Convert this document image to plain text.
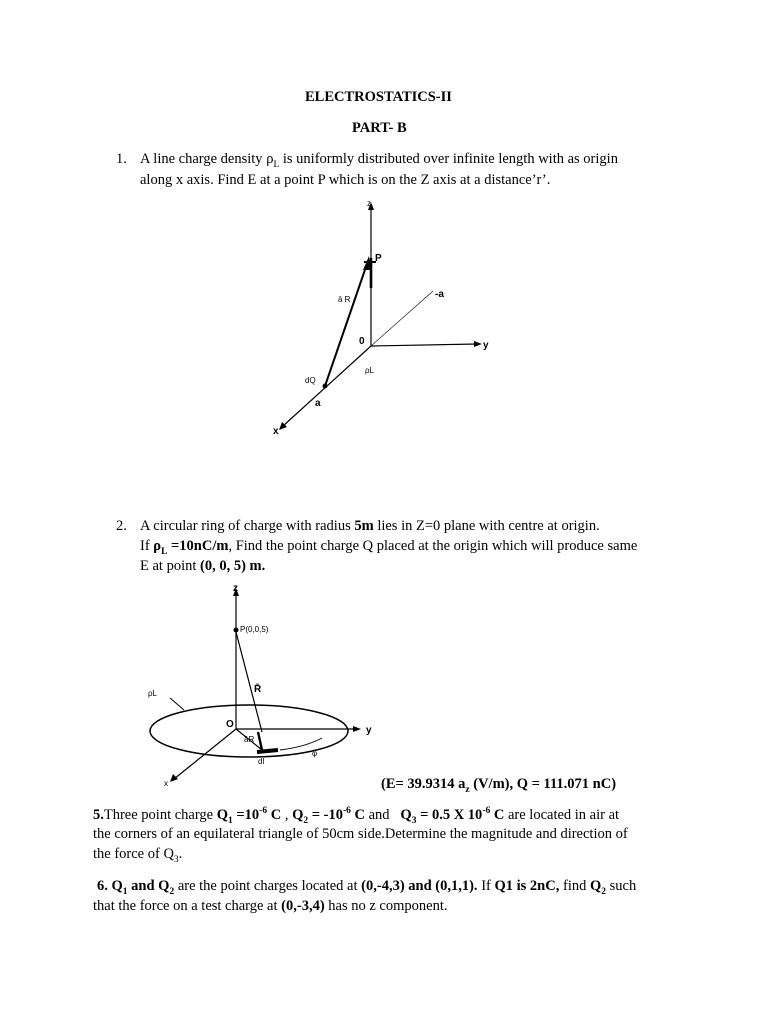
ELECTROSTATICS-II
PART- B
1. A line charge density $\rho_L$ is uniformly distributed over infinite length with as origin
along x axis. Find E at a point P which is on the Z axis at a distance’r’.
z
P
ā R	-a
0	y
ρL
dQ
a
x
2. A circular ring of charge with radius 5m lies in Z=0 plane with centre at origin.
If $\rho_L =10nC/m$, Find the point charge Q placed at the origin which will produce same
E at point (0, 0, 5) m.
z
P(0,0,5)
R̄
ρL
O
y
āR
dl
φ
x	(E= 39.9314 $a_z$ (V/m), Q = 111.071 nC)
5.Three point charge $Q_1 =10^{-6}$ C , $Q_2 = -10^{-6}$ C and   $Q_3 = 0.5$ X $10^{-6}$ C are located in air at
the corners of an equilateral triangle of 50cm side.Determine the magnitude and direction of
the force of $Q_3$.
6. $Q_1$ and $Q_2$ are the point charges located at (0,-4,3) and (0,1,1). If Q1 is 2nC, find $Q_2$ such
that the force on a test charge at (0,-3,4) has no z component.
